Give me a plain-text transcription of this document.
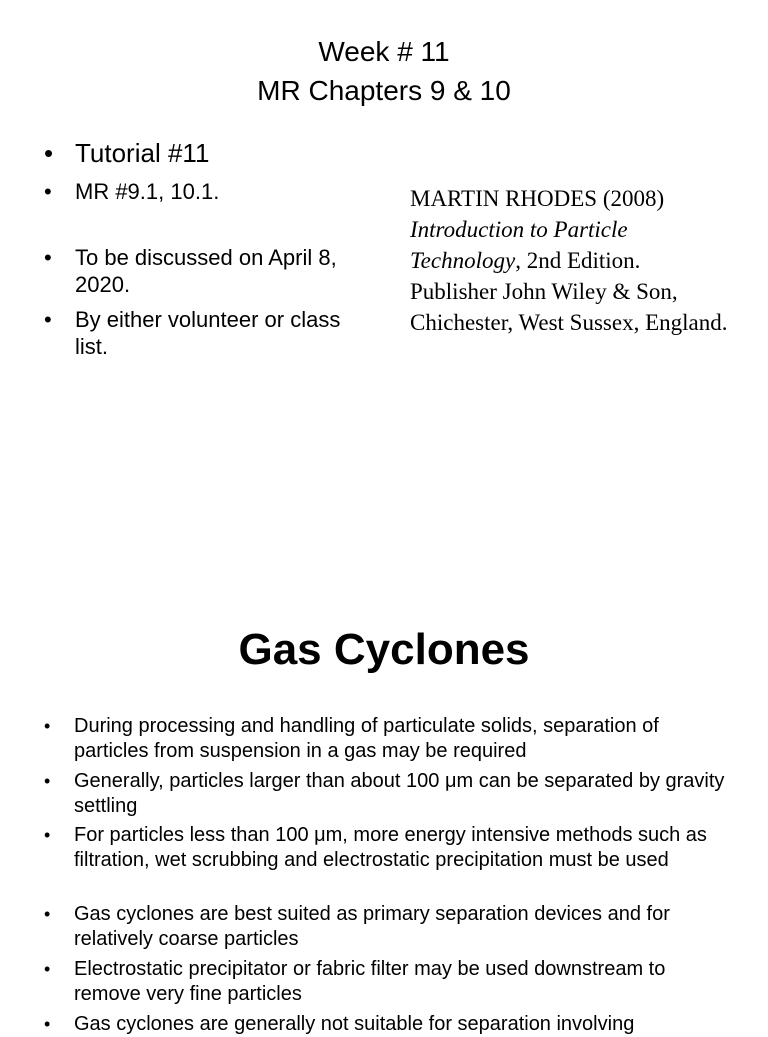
Week # 11
MR Chapters 9 & 10
• Tutorial #11
• MR #9.1, 10.1.
• To be discussed on April 8, 2020.
• By either volunteer or class list.
MARTIN RHODES (2008)
Introduction to Particle
Technology, 2nd Edition.
Publisher John Wiley & Son, Chichester, West Sussex, England.
Gas Cyclones
• During processing and handling of particulate solids, separation of particles from suspension in a gas may be required
• Generally, particles larger than about 100 μm can be separated by gravity settling
• For particles less than 100 μm, more energy intensive methods such as filtration, wet scrubbing and electrostatic precipitation must be used
• Gas cyclones are best suited as primary separation devices and for relatively coarse particles
• Electrostatic precipitator or fabric filter may be used downstream to remove very fine particles
• Gas cyclones are generally not suitable for separation involving
